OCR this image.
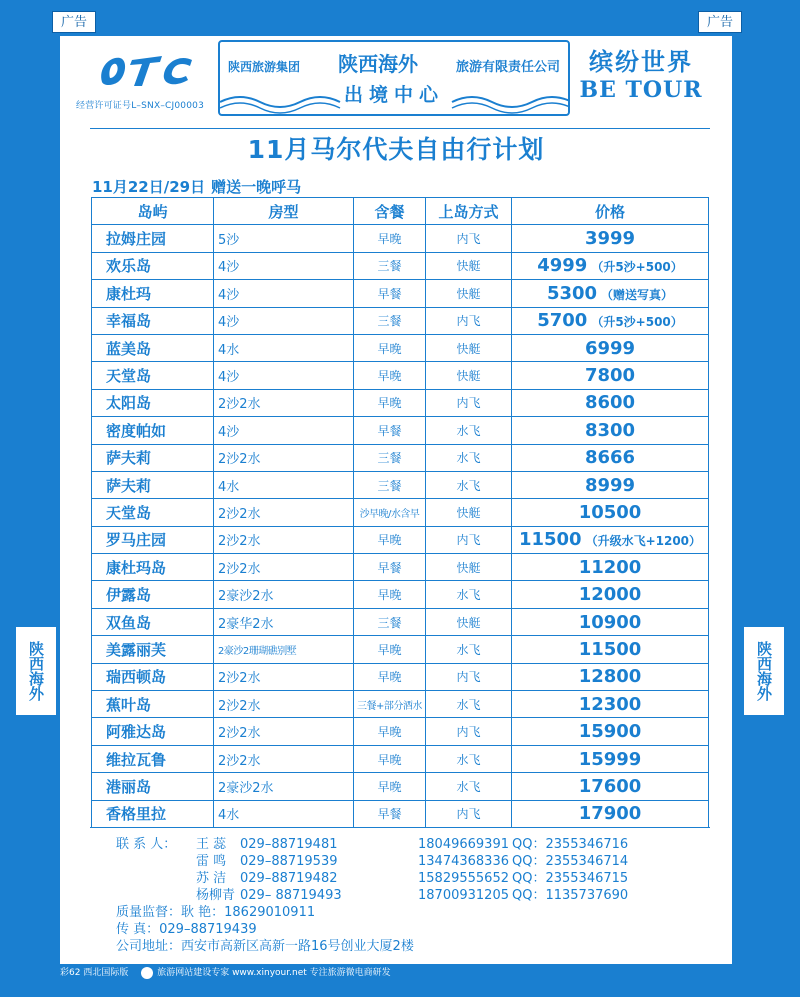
陕西海外	陕西海外
广告	广告
经营许可证号L–SNX–CJ00003
陕西旅游集团 陕西海外	旅游有限责任公司
出境中心
缤纷世界
BE TOUR
11月马尔代夫自由行计划
11月22日/29日 赠送一晚呼马
岛屿	房型	含餐	上岛方式	价格
拉姆庄园	5沙	早晚	内飞	3999
欢乐岛	4沙	三餐	快艇	4999 （升5沙+500）
康杜玛	4沙	早餐	快艇	5300 （赠送写真）
幸福岛	4沙	三餐	内飞	5700 （升5沙+500）
蓝美岛	4水	早晚	快艇	6999
天堂岛	4沙	早晚	快艇	7800
太阳岛	2沙2水	早晚	内飞	8600
密度帕如	4沙	早餐	水飞	8300
萨夫莉	2沙2水	三餐	水飞	8666
萨夫莉	4水	三餐	水飞	8999
天堂岛	2沙2水	沙早晚/水含早	快艇	10500
罗马庄园	2沙2水	早晚	内飞	11500 （升级水飞+1200）
康杜玛岛	2沙2水	早餐	快艇	11200
伊露岛	2豪沙2水	早晚	水飞	12000
双鱼岛	2豪华2水	三餐	快艇	10900
美露丽芙	2豪沙2珊瑚礁别墅	早晚	水飞	11500
瑞西顿岛	2沙2水	早晚	内飞	12800
蕉叶岛	2沙2水	三餐+部分酒水	水飞	12300
阿雅达岛	2沙2水	早晚	内飞	15900
维拉瓦鲁	2沙2水	早晚	水飞	15999
港丽岛	2豪沙2水	早晚	水飞	17600
香格里拉	4水	早餐	内飞	17900
联 系 人： 王 蕊 029–88719481	18049669391 QQ：2355346716
雷 鸣 029–88719539	13474368336 QQ：2355346714
苏 洁 029–88719482	15829555652 QQ：2355346715
杨柳青 029– 88719493	18700931205 QQ：1135737690
质量监督：耿 艳：18629010911
传 真：029–88719439
公司地址：西安市高新区高新一路16号创业大厦2楼
彩62 西北国际版	旅游网站建设专家 www.xinyour.net 专注旅游微电商研发
